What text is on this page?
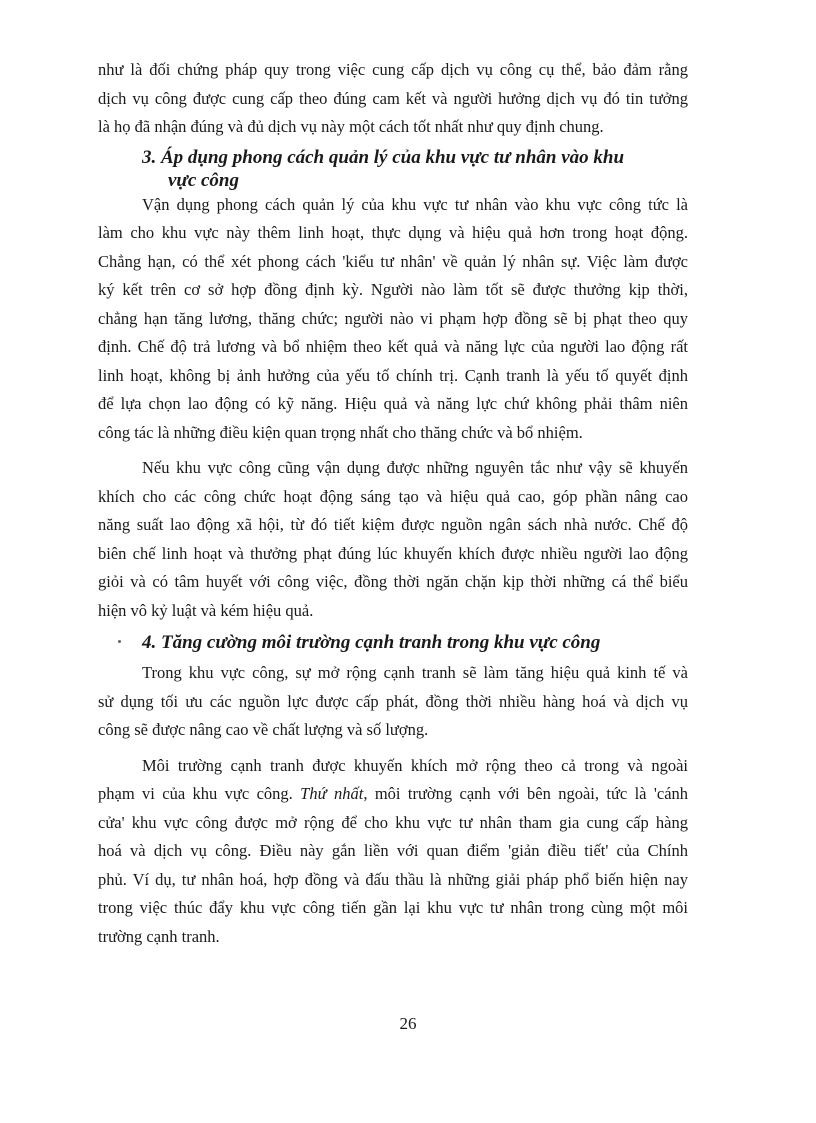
như là đối chứng pháp quy trong việc cung cấp dịch vụ công cụ thể, bảo đảm rằng
dịch vụ công được cung cấp theo đúng cam kết và người hưởng dịch vụ đó tin tưởng
là họ đã nhận đúng và đủ dịch vụ này một cách tốt nhất như quy định chung.
3. Áp dụng phong cách quản lý của khu vực tư nhân vào khu
vực công
Vận dụng phong cách quản lý của khu vực tư nhân vào khu vực công tức là
làm cho khu vực này thêm linh hoạt, thực dụng và hiệu quả hơn trong hoạt động.
Chẳng hạn, có thể xét phong cách 'kiểu tư nhân' về quản lý nhân sự. Việc làm được
ký kết trên cơ sở hợp đồng định kỳ. Người nào làm tốt sẽ được thưởng kịp thời,
chẳng hạn tăng lương, thăng chức; người nào vi phạm hợp đồng sẽ bị phạt theo quy
định. Chế độ trả lương và bổ nhiệm theo kết quả và năng lực của người lao động rất
linh hoạt, không bị ảnh hưởng của yếu tố chính trị. Cạnh tranh là yếu tố quyết định
để lựa chọn lao động có kỹ năng. Hiệu quả và năng lực chứ không phải thâm niên
công tác là những điều kiện quan trọng nhất cho thăng chức và bổ nhiệm.
Nếu khu vực công cũng vận dụng được những nguyên tắc như vậy sẽ khuyến
khích cho các công chức hoạt động sáng tạo và hiệu quả cao, góp phần nâng cao
năng suất lao động xã hội, từ đó tiết kiệm được nguồn ngân sách nhà nước. Chế độ
biên chế linh hoạt và thưởng phạt đúng lúc khuyến khích được nhiều người lao động
giỏi và có tâm huyết với công việc, đồng thời ngăn chặn kịp thời những cá thể biểu
hiện vô kỷ luật và kém hiệu quả.
4. Tăng cường môi trường cạnh tranh trong khu vực công
Trong khu vực công, sự mở rộng cạnh tranh sẽ làm tăng hiệu quả kinh tế và
sử dụng tối ưu các nguồn lực được cấp phát, đồng thời nhiều hàng hoá và dịch vụ
công sẽ được nâng cao về chất lượng và số lượng.
Môi trường cạnh tranh được khuyến khích mở rộng theo cả trong và ngoài
phạm vi của khu vực công. Thứ nhất, môi trường cạnh với bên ngoài, tức là 'cánh
cửa' khu vực công được mở rộng để cho khu vực tư nhân tham gia cung cấp hàng
hoá và dịch vụ công. Điều này gắn liền với quan điểm 'giản điều tiết' của Chính
phủ. Ví dụ, tư nhân hoá, hợp đồng và đấu thầu là những giải pháp phổ biến hiện nay
trong việc thúc đẩy khu vực công tiến gần lại khu vực tư nhân trong cùng một môi
trường cạnh tranh.
26
